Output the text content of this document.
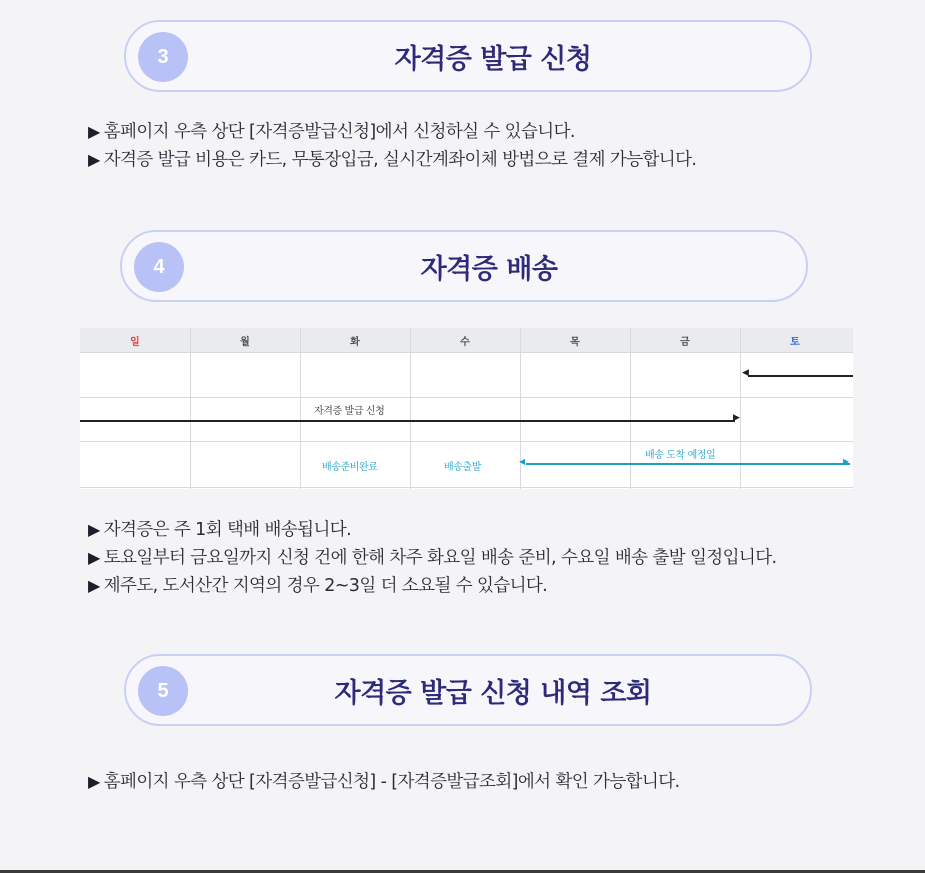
3	자격증 발급 신청
▶ 홈페이지 우측 상단 [자격증발급신청]에서 신청하실 수 있습니다.
▶ 자격증 발급 비용은 카드, 무통장입금, 실시간계좌이체 방법으로 결제 가능합니다.
4	자격증 배송
일	월	화	수	목	금	토
◀
자격증 발급 신청
▶
배송준비완료	배송출발
배송 도착 예정일
◀	▶
▶ 자격증은 주 1회 택배 배송됩니다.
▶ 토요일부터 금요일까지 신청 건에 한해 차주 화요일 배송 준비, 수요일 배송 출발 일정입니다.
▶ 제주도, 도서산간 지역의 경우 2~3일 더 소요될 수 있습니다.
5	자격증 발급 신청 내역 조회
▶ 홈페이지 우측 상단 [자격증발급신청] - [자격증발급조회]에서 확인 가능합니다.
